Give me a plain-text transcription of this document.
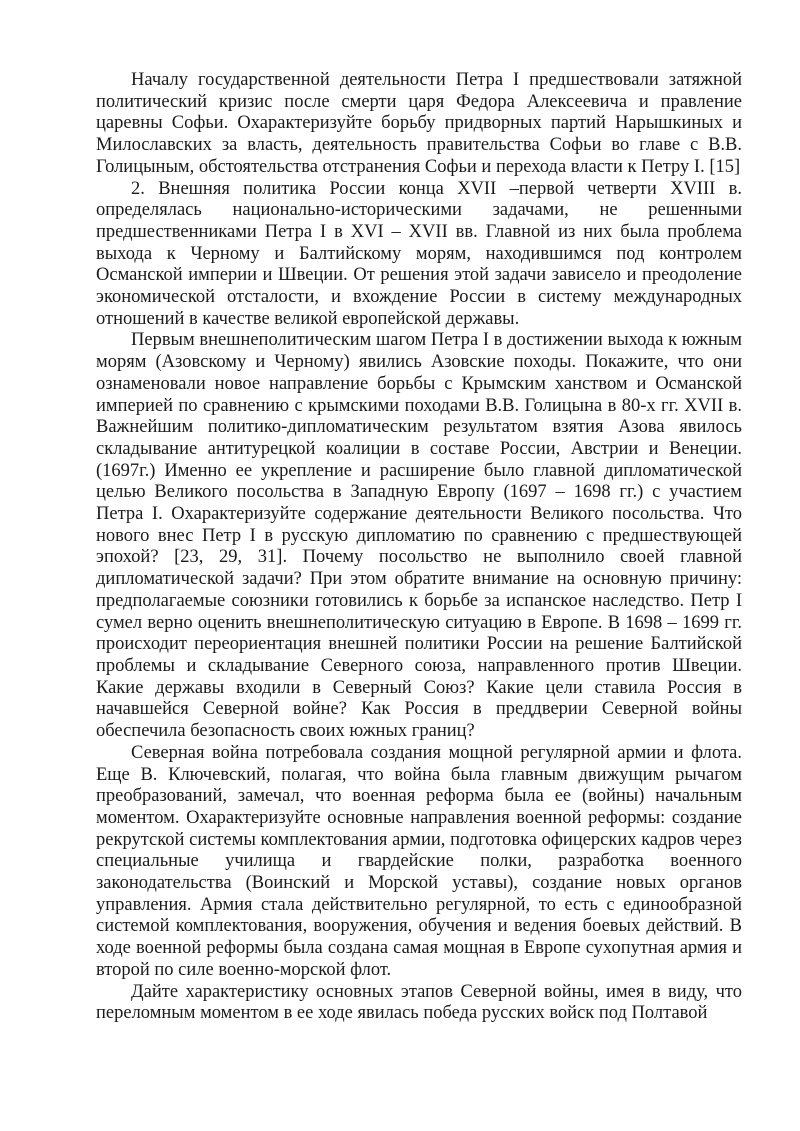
Началу государственной деятельности Петра I предшествовали затяжной политический кризис после смерти царя Федора Алексеевича и правление царевны Софьи. Охарактеризуйте борьбу придворных партий Нарышкиных и Милославских за власть, деятельность правительства Софьи во главе с В.В. Голицыным, обстоятельства отстранения Софьи и перехода власти к Петру I. [15]

2. Внешняя политика России конца XVII –первой четверти XVIII в. определялась национально-историческими задачами, не решенными предшественниками Петра I в XVI – XVII вв. Главной из них была проблема выхода к Черному и Балтийскому морям, находившимся под контролем Османской империи и Швеции. От решения этой задачи зависело и преодоление экономической отсталости, и вхождение России в систему международных отношений в качестве великой европейской державы.

Первым внешнеполитическим шагом Петра I в достижении выхода к южным морям (Азовскому и Черному) явились Азовские походы. Покажите, что они ознаменовали новое направление борьбы с Крымским ханством и Османской империей по сравнению с крымскими походами В.В. Голицына в 80-х гг. XVII в. Важнейшим политико-дипломатическим результатом взятия Азова явилось складывание антитурецкой коалиции в составе России, Австрии и Венеции.(1697г.) Именно ее укрепление и расширение было главной дипломатической целью Великого посольства в Западную Европу (1697 – 1698 гг.) с участием Петра I. Охарактеризуйте содержание деятельности Великого посольства. Что нового внес Петр I в русскую дипломатию по сравнению с предшествующей эпохой? [23, 29, 31]. Почему посольство не выполнило своей главной дипломатической задачи? При этом обратите внимание на основную причину: предполагаемые союзники готовились к борьбе за испанское наследство. Петр I сумел верно оценить внешнеполитическую ситуацию в Европе. В 1698 – 1699 гг. происходит переориентация внешней политики России на решение Балтийской проблемы и складывание Северного союза, направленного против Швеции. Какие державы входили в Северный Союз? Какие цели ставила Россия в начавшейся Северной войне? Как Россия в преддверии Северной войны обеспечила безопасность своих южных границ?

Северная война потребовала создания мощной регулярной армии и флота. Еще В. Ключевский, полагая, что война была главным движущим рычагом преобразований, замечал, что военная реформа была ее (войны) начальным моментом. Охарактеризуйте основные направления военной реформы: создание рекрутской системы комплектования армии, подготовка офицерских кадров через специальные училища и гвардейские полки, разработка военного законодательства (Воинский и Морской уставы), создание новых органов управления. Армия стала действительно регулярной, то есть с единообразной системой комплектования, вооружения, обучения и ведения боевых действий. В ходе военной реформы была создана самая мощная в Европе сухопутная армия и второй по силе военно-морской флот.

Дайте характеристику основных этапов Северной войны, имея в виду, что переломным моментом в ее ходе явилась победа русских войск под Полтавой
